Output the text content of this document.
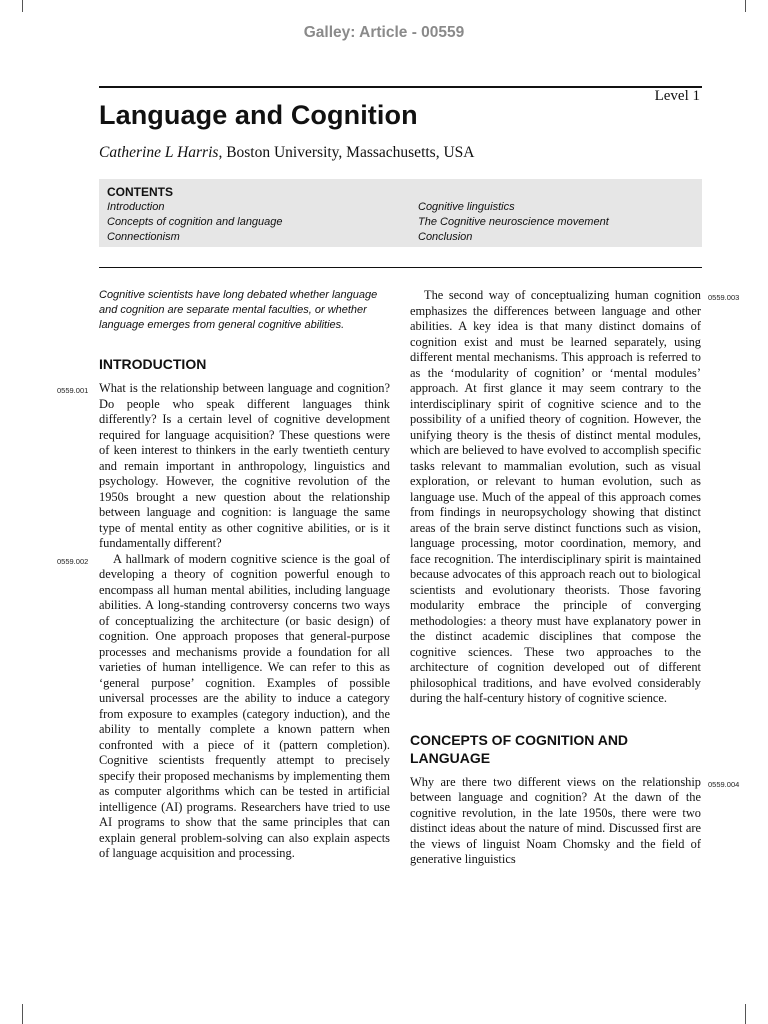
Galley: Article - 00559
Level 1
Language and Cognition
Catherine L Harris, Boston University, Massachusetts, USA
CONTENTS
Introduction
Concepts of cognition and language
Connectionism
Cognitive linguistics
The Cognitive neuroscience movement
Conclusion

Cognitive scientists have long debated whether language and cognition are separate mental faculties, or whether language emerges from general cognitive abilities.

INTRODUCTION
0559.001 What is the relationship between language and cognition? Do people who speak different languages think differently? Is a certain level of cognitive development required for language acquisition? These questions were of keen interest to thinkers in the early twentieth century and remain important in anthropology, linguistics and psychology. However, the cognitive revolution of the 1950s brought a new question about the relationship between language and cognition: is language the same type of mental entity as other cognitive abilities, or is it fundamentally different?
0559.002 A hallmark of modern cognitive science is the goal of developing a theory of cognition powerful enough to encompass all human mental abilities, including language abilities. A long-standing controversy concerns two ways of conceptualizing the architecture (or basic design) of cognition. One approach proposes that general-purpose processes and mechanisms provide a foundation for all varieties of human intelligence. We can refer to this as ‘general purpose’ cognition. Examples of possible universal processes are the ability to induce a category from exposure to examples (category induction), and the ability to mentally complete a known pattern when confronted with a piece of it (pattern completion). Cognitive scientists frequently attempt to precisely specify their proposed mechanisms by implementing them as computer algorithms which can be tested in artificial intelligence (AI) programs. Researchers have tried to use AI programs to show that the same principles that can explain general problem-solving can also explain aspects of language acquisition and processing.
0559.003
The second way of conceptualizing human cognition emphasizes the differences between language and other abilities. A key idea is that many distinct domains of cognition exist and must be learned separately, using different mental mechanisms. This approach is referred to as the ‘modularity of cognition’ or ‘mental modules’ approach. At first glance it may seem contrary to the interdisciplinary spirit of cognitive science and to the possibility of a unified theory of cognition. However, the unifying theory is the thesis of distinct mental modules, which are believed to have evolved to accomplish specific tasks relevant to mammalian evolution, such as visual exploration, or relevant to human evolution, such as language use. Much of the appeal of this approach comes from findings in neuropsychology showing that distinct areas of the brain serve distinct functions such as vision, language processing, motor coordination, memory, and face recognition. The interdisciplinary spirit is maintained because advocates of this approach reach out to biological scientists and evolutionary theorists. Those favoring modularity embrace the principle of converging methodologies: a theory must have explanatory power in the distinct academic disciplines that compose the cognitive sciences. These two approaches to the architecture of cognition developed out of different philosophical traditions, and have evolved considerably during the half-century history of cognitive science.
CONCEPTS OF COGNITION AND LANGUAGE
0559.004
Why are there two different views on the relationship between language and cognition? At the dawn of the cognitive revolution, in the late 1950s, there were two distinct ideas about the nature of mind. Discussed first are the views of linguist Noam Chomsky and the field of generative linguistics
